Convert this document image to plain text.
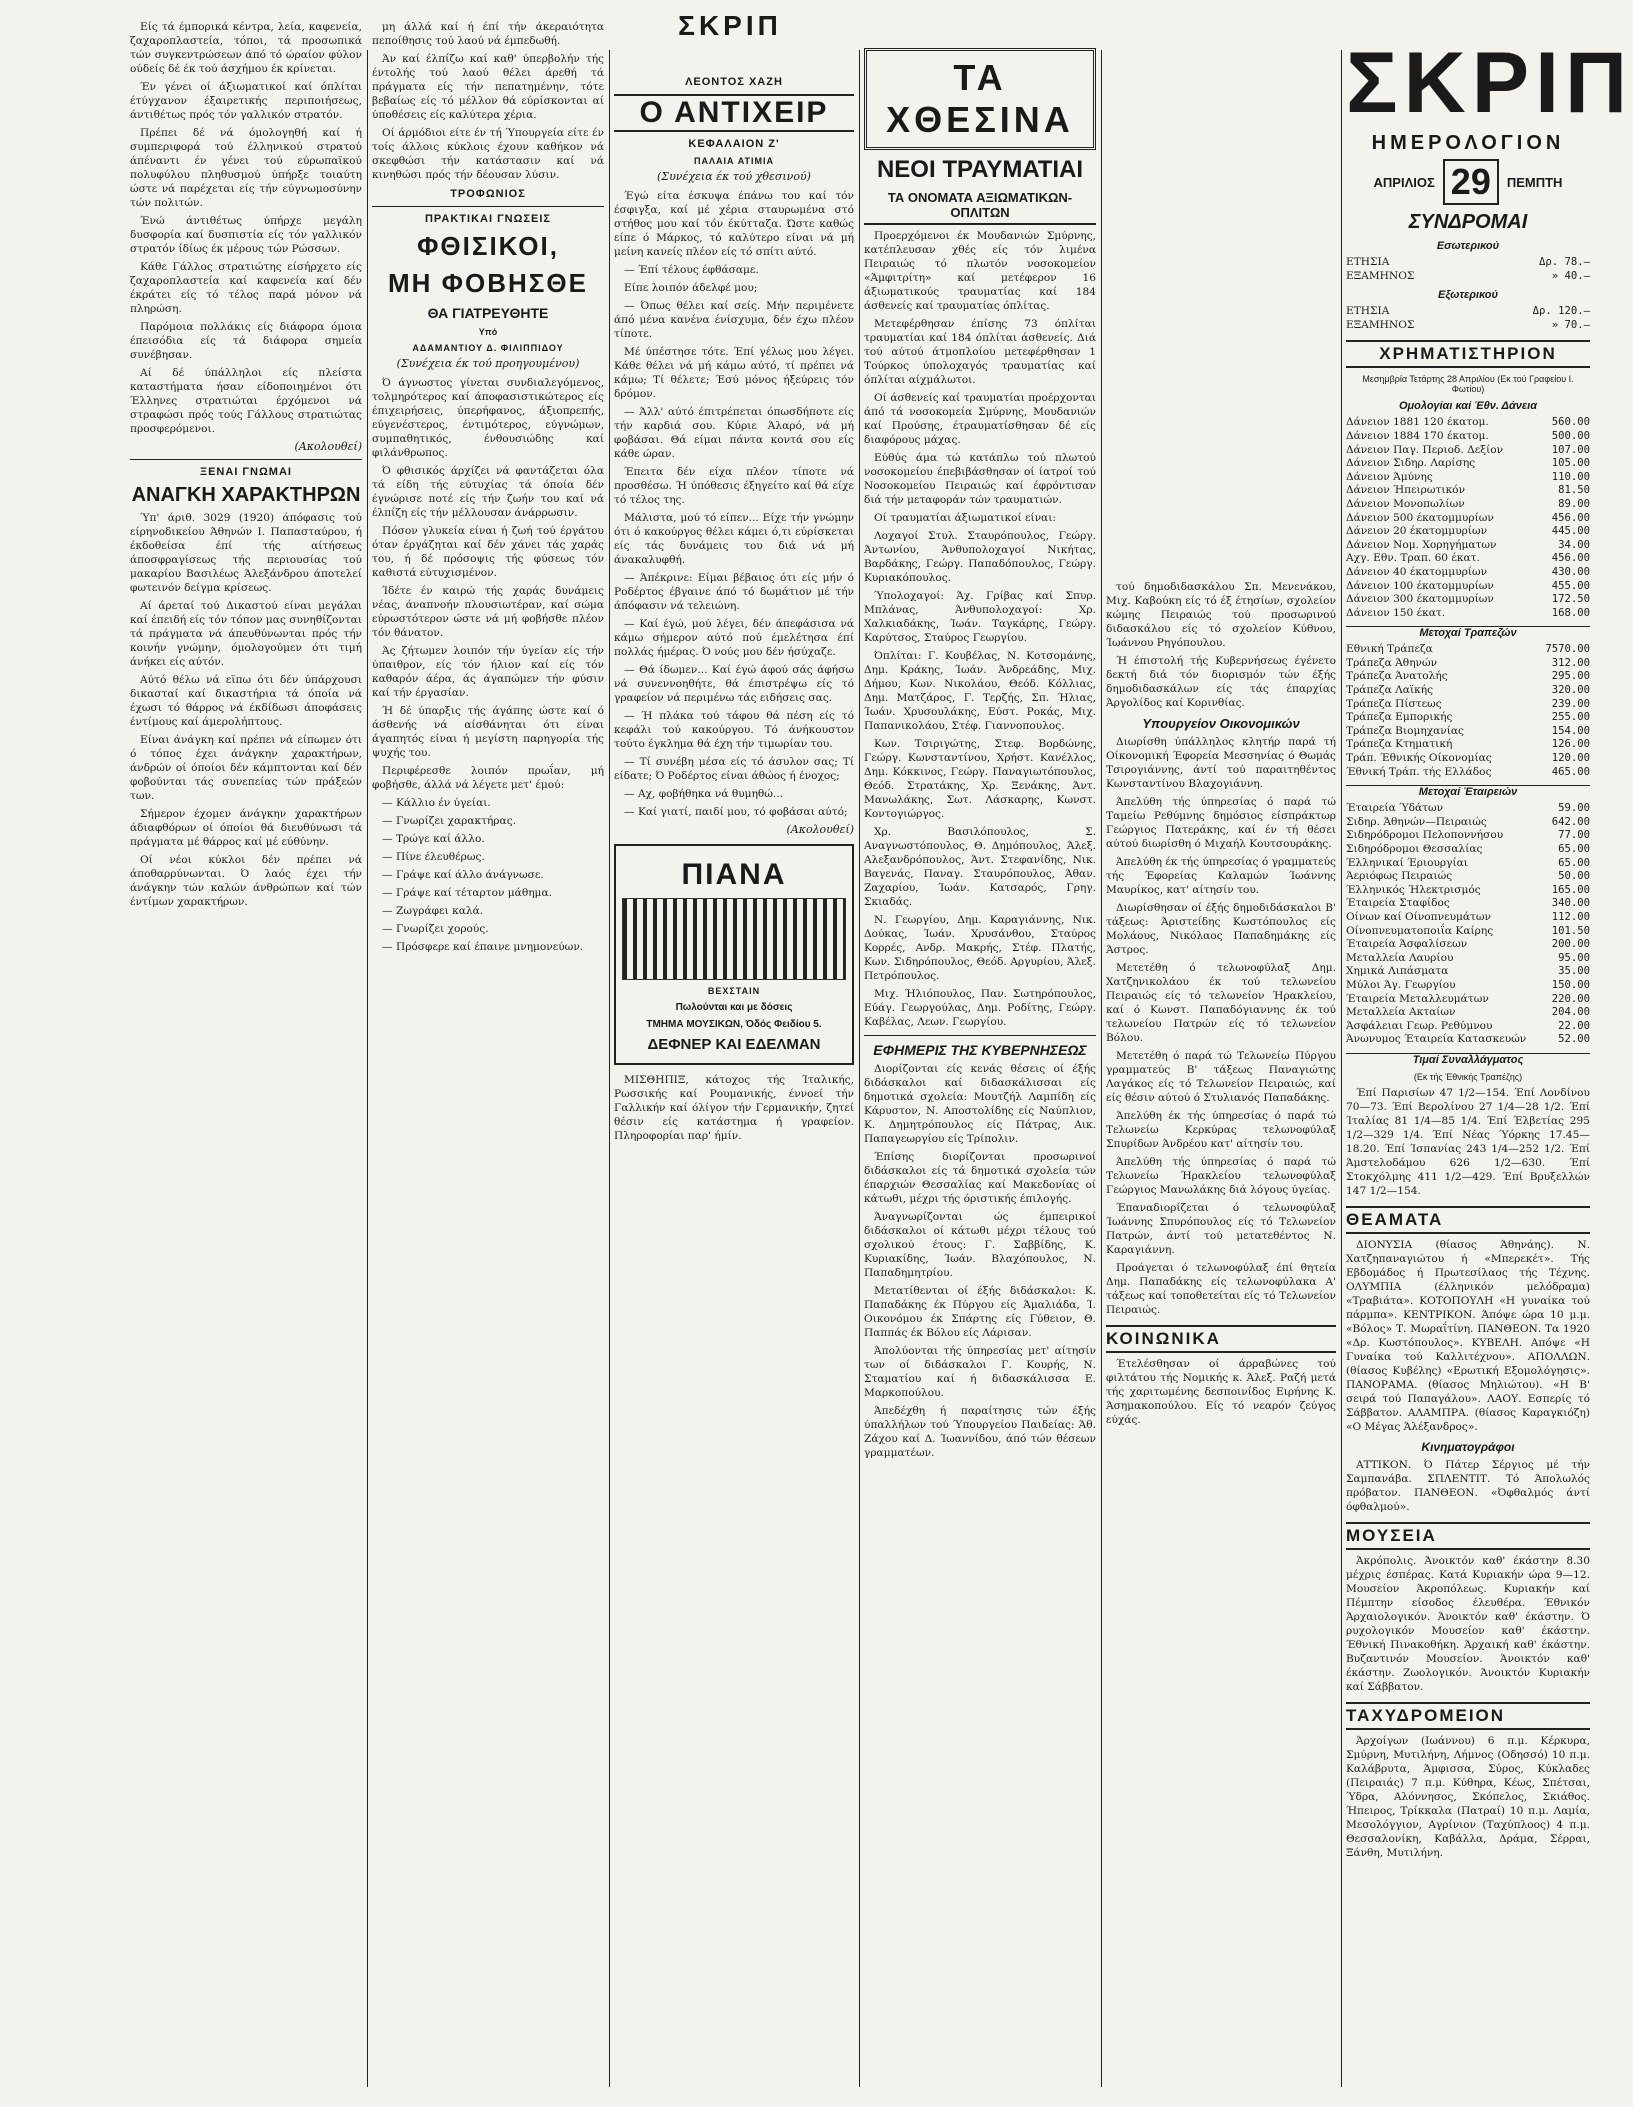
ΣΚΡΙΠ

Είς τά έμπορικά κέντρα, λεία, καφενεία, ζαχαροπλαστεία, τόποι, τά προσωπικά τών συγκεντρώσεων άπό τό ώραίον φύλον ούδείς δέ έκ τού άσχήμου έκ κρίνεται.

Έν γένει οί άξιωματικοί καί όπλίται έτύγχανον έξαιρετικής περιποιήσεως, άντιθέτως πρός τόν γαλλικόν στρατόν.

Πρέπει δέ νά όμολογηθή καί ή συμπεριφορά τού έλληνικού στρατού άπέναντι έν γένει τού εύρωπαϊκού πολυφύλου πληθυσμού ύπήρξε τοιαύτη ώστε νά παρέχεται είς τήν εύγνωμοσύνην τών πολιτών.

Ένώ άντιθέτως ύπήρχε μεγάλη δυσφορία καί δυσπιστία είς τόν γαλλικόν στρατόν ίδίως έκ μέρους τών Ρώσσων.

Κάθε Γάλλος στρατιώτης είσήρχετο είς ζαχαροπλαστεία καί καφενεία καί δέν έκράτει είς τό τέλος παρά μόνον νά πληρώση.

Παρόμοια πολλάκις είς διάφορα όμοια έπεισόδια είς τά διάφορα σημεία συνέβησαν.

Αί δέ ύπάλληλοι είς πλείστα καταστήματα ήσαν είδοποιημένοι ότι Έλληνες στρατιώται έρχόμενοι νά στραφώσι πρός τούς Γάλλους στρατιώτας προσφερόμενοι.

(Ακολουθεί)
ΞΕΝΑΙ ΓΝΩΜΑΙ
ΑΝΑΓΚΗ ΧΑΡΑΚΤΗΡΩΝ

Ύπ' άριθ. 3029 (1920) άπόφασις τού είρηνοδικείου Άθηνών Ι. Παπασταύρου, ή έκδοθείσα έπί τής αίτήσεως άποσφραγίσεως τής περιουσίας τού μακαρίου Βασιλέως Άλεξάνδρου άποτελεί φωτεινόν δείγμα κρίσεως.

Αί άρεταί τού Δικαστού είναι μεγάλαι καί έπειδή είς τόν τόπον μας συνηθίζονται τά πράγματα νά άπευθύνωνται πρός τήν κοινήν γνώμην, όμολογούμεν ότι τιμή άνήκει είς αύτόν.

Αύτό θέλω νά εϊπω ότι δέν ύπάρχουσι δικασταί καί δικαστήρια τά όποία νά έχωσι τό θάρρος νά έκδίδωσι άποφάσεις έντίμους καί άμερολήπτους.

Είναι άνάγκη καί πρέπει νά είπωμεν ότι ό τόπος έχει άνάγκην χαρακτήρων, άνδρών οί όποίοι δέν κάμπτονται καί δέν φοβούνται τάς συνεπείας τών πράξεών των.

Σήμερον έχομεν άνάγκην χαρακτήρων άδιαφθόρων οί όποίοι θά διευθύνωσι τά πράγματα μέ θάρρος καί μέ εύθύνην.

Οί νέοι κύκλοι δέν πρέπει νά άποθαρρύνωνται. Ό λαός έχει τήν άνάγκην τών καλών άνθρώπων καί τών έντίμων χαρακτήρων.

μη άλλά καί ή έπί τήν άκεραιότητα πεποίθησις τού λαού νά έμπεδωθή.

Άν καί έλπίζω καί καθ' ύπερβολήν τής έντολής τού λαού θέλει άρεθή τά πράγματα είς τήν πεπατημένην, τότε βεβαίως είς τό μέλλον θά εύρίσκονται αί ύποθέσεις είς καλύτερα χέρια.

Οί άρμόδιοι είτε έν τή Ύπουργεία είτε έν τοίς άλλοις κύκλοις έχουν καθήκον νά σκεφθώσι τήν κατάστασιν καί νά κινηθώσι πρός τήν δέουσαν λύσιν.

ΤΡΟΦΩΝΙΟΣ
ΠΡΑΚΤΙΚΑΙ ΓΝΩΣΕΙΣ
ΦΘΙΣΙΚΟΙ,
ΜΗ ΦΟΒΗΣΘΕ
ΘΑ ΓΙΑΤΡΕΥΘΗΤΕ
Υπό
ΑΔΑΜΑΝΤΙΟΥ Δ. ΦΙΛΙΠΠΙΔΟΥ
(Συνέχεια έκ τού προηγουμένου)

Ό άγνωστος γίνεται συνδιαλεγόμενος, τολμηρότερος καί άποφασιστικώτερος είς έπιχειρήσεις, ύπερήφανος, άξιοπρεπής, εύγενέστερος, έντιμότερος, εύγνώμων, συμπαθητικός, ένθουσιώδης καί φιλάνθρωπος.

Ό φθισικός άρχίζει νά φαντάζεται όλα τά είδη τής εύτυχίας τά όποία δέν έγνώρισε ποτέ είς τήν ζωήν του καί νά έλπίζη είς τήν μέλλουσαν άνάρρωσιν.

Πόσον γλυκεία είναι ή ζωή τού έργάτου όταν έργάζηται καί δέν χάνει τάς χαράς του, ή δέ πρόσοψις τής φύσεως τόν καθιστά εύτυχισμένον.

Ίδέτε έν καιρώ τής χαράς δυνάμεις νέας, άναπνοήν πλουσιωτέραν, καί σώμα εύρωστότερον ώστε νά μή φοβήσθε πλέον τόν θάνατον.

Άς ζήτωμεν λοιπόν τήν ύγείαν είς τήν ύπαιθρον, είς τόν ήλιον καί είς τόν καθαρόν άέρα, άς άγαπώμεν τήν φύσιν καί τήν έργασίαν.

Ή δέ ύπαρξις τής άγάπης ώστε καί ό άσθενής νά αίσθάνηται ότι είναι άγαπητός είναι ή μεγίστη παρηγορία τής ψυχής του.

Περιφέρεσθε λοιπόν πρωΐαν, μή φοβήσθε, άλλά νά λέγετε μετ' έμού:

— Κάλλιο έν ύγείαι.

— Γνωρίζει χαρακτήρας.

— Τρώγε καί άλλο.

— Πίνε έλευθέρως.

— Γράψε καί άλλο άνάγνωσε.

— Γράψε καί τέταρτον μάθημα.

— Ζωγράφει καλά.

— Γνωρίζει χορούς.

— Πρόσφερε καί έπαινε μνημονεύων.

ΛΕΟΝΤΟΣ ΧΑΖΗ
Ο ΑΝΤΙΧΕΙΡ
ΚΕΦΑΛΑΙΟΝ Ζ'
ΠΑΛΑΙΑ ΑΤΙΜΙΑ
(Συνέχεια έκ τού χθεσινού)

Έγώ είτα έσκυψα έπάνω του καί τόν έσφιγξα, καί μέ χέρια σταυρωμένα στό στήθος μου καί τόν έκύτταζα. Ώστε καθώς είπε ό Μάρκος, τό καλύτερο είναι νά μή μείνη κανείς πλέον είς τό σπίτι αύτό.

— Έπί τέλους έφθάσαμε.

Είπε λοιπόν άδελφέ μου;

— Όπως θέλει καί σείς. Μήν περιμένετε άπό μένα κανένα ένίσχυμα, δέν έχω πλέον τίποτε.

Μέ ύπέστησε τότε. Έπί γέλως μου λέγει. Κάθε θέλει νά μή κάμω αύτό, τί πρέπει νά κάμω; Τί θέλετε; Έσύ μόνος ήξεύρεις τόν δρόμον.

— Άλλ' αύτό έπιτρέπεται όπωσδήποτε είς τήν καρδιά σου. Κύριε Άλαρό, νά μή φοβάσαι. Θά είμαι πάντα κοντά σου είς κάθε ώραν.

Έπειτα δέν είχα πλέον τίποτε νά προσθέσω. Ή ύπόθεσις έξηγείτο καί θά είχε τό τέλος της.

Μάλιστα, μού τό είπεν... Είχε τήν γνώμην ότι ό κακούργος θέλει κάμει ό,τι εύρίσκεται είς τάς δυνάμεις του διά νά μή άνακαλυφθή.

— Άπέκρινε: Είμαι βέβαιος ότι είς μήν ό Ροδέρτος έβγαινε άπό τό δωμάτιον μέ τήν άπόφασιν νά τελειώνη.

— Καί έγώ, μού λέγει, δέν άπεφάσισα νά κάμω σήμερον αύτό πού έμελέτησα έπί πολλάς ήμέρας. Ό νούς μου δέν ήσύχαζε.

— Θά ίδωμεν... Καί έγώ άφού σάς άφήσω νά συνεννοηθήτε, θά έπιστρέψω είς τό γραφείον νά περιμένω τάς ειδήσεις σας.

— Ή πλάκα τού τάφου θά πέση είς τό κεφάλι τού κακούργου. Τό άνήκουστον τούτο έγκλημα θά έχη τήν τιμωρίαν του.

— Τί συνέβη μέσα είς τό άσυλον σας; Τί είδατε; Ό Ροδέρτος είναι άθώος ή ένοχος;

— Αχ, φοβήθηκα νά θυμηθώ...

— Καί γιατί, παιδί μου, τό φοβάσαι αύτό;

(Ακολουθεί)
ΠΙΑΝΑ
ΒΕΧΣΤΑΙΝ
Πωλούνται και με δόσεις
ΤΜΗΜΑ ΜΟΥΣΙΚΩΝ, Όδός Φειδίου 5.
ΔΕΦΝΕΡ ΚΑΙ ΕΔΕΛΜΑΝ

ΜΙΣΘΗΠΙΞ, κάτοχος τής Ίταλικής, Ρωσσικής καί Ρουμανικής, έννοεί τήν Γαλλικήν καί όλίγον τήν Γερμανικήν, ζητεί θέσιν είς κατάστημα ή γραφείον. Πληροφορίαι παρ' ήμίν.

ΤΑ ΧΘΕΣΙΝΑ
ΝΕΟΙ ΤΡΑΥΜΑΤΙΑΙ
ΤΑ ΟΝΟΜΑΤΑ ΑΞΙΩΜΑΤΙΚΩΝ-ΟΠΛΙΤΩΝ

Προερχόμενοι έκ Μουδανιών Σμύρνης, κατέπλευσαν χθές είς τόν λιμένα Πειραιώς τό πλωτόν νοσοκομείον «Άμφιτρίτη» καί μετέφερον 16 άξιωματικούς τραυματίας καί 184 άσθενείς καί τραυματίας όπλίτας.

Μετεφέρθησαν έπίσης 73 όπλίται τραυματίαι καί 184 όπλίται άσθενείς. Διά τού αύτού άτμοπλοίου μετεφέρθησαν 1 Τούρκος ύπολοχαγός τραυματίας καί όπλίται αίχμάλωτοι.

Οί άσθενείς καί τραυματίαι προέρχονται άπό τά νοσοκομεία Σμύρνης, Μουδανιών καί Προύσης, έτραυματίσθησαν δέ είς διαφόρους μάχας.

Εύθύς άμα τώ κατάπλω τού πλωτού νοσοκομείου έπεβιβάσθησαν οί ίατροί τού Νοσοκομείου Πειραιώς καί έφρόντισαν διά τήν μεταφοράν τών τραυματιών.

Οί τραυματίαι άξιωματικοί είναι:

Λοχαγοί Στυλ. Σταυρόπουλος, Γεώργ. Άντωνίου, Άνθυπολοχαγοί Νικήτας, Βαρδάκης, Γεώργ. Παπαδόπουλος, Γεώργ. Κυριακόπουλος.

Ύπολοχαγοί: Άχ. Γρίβας καί Σπυρ. Μπλάνας, Άνθυπολοχαγοί: Χρ. Χαλκιαδάκης, Ίωάν. Ταγκάρης, Γεώργ. Καρύτσος, Σταύρος Γεωργίου.

Όπλίται: Γ. Κουβέλας, Ν. Κοτσομάνης, Δημ. Κράκης, Ίωάν. Άνδρεάδης, Μιχ. Δήμου, Κων. Νικολάου, Θεόδ. Κόλλιας, Δημ. Ματζάρος, Γ. Τερζής, Σπ. Ήλιας, Ίωάν. Χρυσουλάκης, Εύστ. Ροκάς, Μιχ. Παπανικολάου, Στέφ. Γιαννοπουλος.

Κων. Τσιριγώτης, Στεφ. Βορδώνης, Γεώργ. Κωνσταντίνου, Χρήστ. Κανέλλος, Δημ. Κόκκινος, Γεώργ. Παναγιωτόπουλος, Θεόδ. Στρατάκης, Χρ. Ξενάκης, Άντ. Μανωλάκης, Σωτ. Λάσκαρης, Κωνστ. Κοντογιώργος.

Χρ. Βασιλόπουλος, Σ. Αναγνωστόπουλος, Θ. Δημόπουλος, Άλεξ. Αλεξανδρόπουλος, Άντ. Στεφανίδης, Νικ. Βαγενάς, Παναγ. Σταυρόπουλος, Άθαν. Ζαχαρίου, Ίωάν. Κατσαρός, Γρηγ. Σκιαδάς.

Ν. Γεωργίου, Δημ. Καραγιάννης, Νικ. Δούκας, Ίωάν. Χρυσάνθου, Σταύρος Κορρές, Ανδρ. Μακρής, Στέφ. Πλατής, Κων. Σιδηρόπουλος, Θεόδ. Αργυρίου, Άλεξ. Πετρόπουλος.

Μιχ. Ήλιόπουλος, Παν. Σωτηρόπουλος, Εύάγ. Γεωργούλας, Δημ. Ροδίτης, Γεώργ. Καβέλας, Λεων. Γεωργίου.

ΕΦΗΜΕΡΙΣ ΤΗΣ ΚΥΒΕΡΝΗΣΕΩΣ

Διορίζονται είς κενάς θέσεις οί έξής διδάσκαλοι καί διδασκάλισσαι είς δημοτικά σχολεία: Μουτζήλ Λαμπίδη είς Κάρυστον, Ν. Αποστολίδης είς Ναύπλιον, Κ. Δημητρόπουλος είς Πάτρας, Αικ. Παπαγεωργίου είς Τρίπολιν.

Έπίσης διορίζονται προσωρινοί διδάσκαλοι είς τά δημοτικά σχολεία τών έπαρχιών Θεσσαλίας καί Μακεδονίας οί κάτωθι, μέχρι τής όριστικής έπιλογής.

Άναγνωρίζονται ώς έμπειρικοί διδάσκαλοι οί κάτωθι μέχρι τέλους τού σχολικού έτους: Γ. Σαββίδης, Κ. Κυριακίδης, Ίωάν. Βλαχόπουλος, Ν. Παπαδημητρίου.

Μετατίθενται οί έξής διδάσκαλοι: Κ. Παπαδάκης έκ Πύργου είς Άμαλιάδα, Ί. Οικονόμου έκ Σπάρτης είς Γύθειον, Θ. Παππάς έκ Βόλου είς Λάρισαν.

Άπολύονται τής ύπηρεσίας μετ' αίτησίν των οί διδάσκαλοι Γ. Κουρής, Ν. Σταματίου καί ή διδασκάλισσα Ε. Μαρκοπούλου.

Άπεδέχθη ή παραίτησις τών έξής ύπαλλήλων τού Ύπουργείου Παιδείας: Άθ. Ζάχου καί Δ. Ίωαννίδου, άπό τών θέσεων γραμματέων.

τού δημοδιδασκάλου Σπ. Μενενάκου, Μιχ. Καβούκη είς τό έξ έτησίων, σχολείον κώμης Πειραιώς τού προσωρινού διδασκάλου είς τό σχολείον Κύθνου, Ίωάννου Ρηγόπουλου.

Ή έπιστολή τής Κυβερνήσεως έγένετο δεκτή διά τόν διορισμόν τών έξής δημοδιδασκάλων είς τάς έπαρχίας Άργολίδος καί Κορινθίας.

Υπουργείον Οικονομικών

Διωρίσθη ύπάλληλος κλητήρ παρά τή Οίκονομική Έφορεία Μεσσηνίας ό Θωμάς Τσιρογιάννης, άντί τού παραιτηθέντος Κωνσταντίνου Βλαχογιάννη.

Άπελύθη τής ύπηρεσίας ό παρά τώ Ταμείω Ρεθύμνης δημόσιος είσπράκτωρ Γεώργιος Πατεράκης, καί έν τή θέσει αύτού διωρίσθη ό Μιχαήλ Κουτσουράκης.

Άπελύθη έκ τής ύπηρεσίας ό γραμματεύς τής Έφορείας Καλαμών Ίωάννης Μαυρίκος, κατ' αίτησίν του.

Διωρίσθησαν οί έξής δημοδιδάσκαλοι Β' τάξεως: Άριστείδης Κωστόπουλος είς Μολάους, Νικόλαος Παπαδημάκης είς Άστρος.

Μετετέθη ό τελωνοφύλαξ Δημ. Χατζηνικολάου έκ τού τελωνείου Πειραιώς είς τό τελωνείον Ήρακλείου, καί ό Κωνστ. Παπαδόγιαννης έκ τού τελωνείου Πατρών είς τό τελωνείον Βόλου.

Μετετέθη ό παρά τώ Τελωνείω Πύργου γραμματεύς Β' τάξεως Παναγιώτης Λαγάκος είς τό Τελωνείον Πειραιώς, καί είς θέσιν αύτού ό Στυλιανός Παπαδάκης.

Άπελύθη έκ τής ύπηρεσίας ό παρά τώ Τελωνείω Κερκύρας τελωνοφύλαξ Σπυρίδων Άνδρέου κατ' αίτησίν του.

Άπελύθη τής ύπηρεσίας ό παρά τώ Τελωνείω Ήρακλείου τελωνοφύλαξ Γεώργιος Μανωλάκης διά λόγους ύγείας.

Έπαναδιορίζεται ό τελωνοφύλαξ Ίωάννης Σπυρόπουλος είς τό Τελωνείον Πατρών, άντί τού μετατεθέντος Ν. Καραγιάννη.

Προάγεται ό τελωνοφύλαξ έπί θητεία Δημ. Παπαδάκης είς τελωνοφύλακα Α' τάξεως καί τοποθετείται είς τό Τελωνείον Πειραιώς.

ΚΟΙΝΩΝΙΚΑ

Έτελέσθησαν οί άρραβώνες τού φιλτάτου τής Νομικής κ. Άλεξ. Ραζή μετά τής χαριτωμένης δεσποινίδος Ειρήνης Κ. Άσημακοπούλου. Είς τό νεαρόν ζεύγος εύχάς.

ΣΚΡΙΠ
ΗΜΕΡΟΛΟΓΙΟΝ
ΑΠΡΙΛΙΟΣ 29	ΠΕΜΠΤΗ
ΣΥΝΔΡΟΜΑΙ
Εσωτερικού
ΕΤΗΣΙΑ	Δρ. 78.—
ΕΞΑΜΗΝΟΣ	» 40.—
Εξωτερικού
ΕΤΗΣΙΑ	Δρ. 120.—
ΕΞΑΜΗΝΟΣ	» 70.—
ΧΡΗΜΑΤΙΣΤΗΡΙΟΝ
Μεσημβρία Τετάρτης 28 Απριλίου (Εκ τού Γραφείου Ι. Φωτίου)
Ομολογίαι καί Έθν. Δάνεια
Δάνειον 1881 120 έκατομ.	560.00
Δάνειον 1884 170 έκατομ.	500.00
Δάνειον Παγ. Περιοδ. Δεξίον	107.00
Δάνειον Σιδηρ. Λαρίσης	105.00
Δάνειον Άμύνης	110.00
Δάνειον Ήπειρωτικόν	81.50
Δάνειον Μονοπωλίων	89.00
Δάνειον 500 έκατομμυρίων	456.00
Δάνειον 20 έκατομμυρίων	445.00
Δάνειον Νομ. Χορηγήματων	34.00
Αχγ. Εθν. Τραπ. 60 έκατ.	456.00
Δάνειον 40 έκατομμυρίων	430.00
Δάνειον 100 έκατομμυρίων	455.00
Δάνειον 300 έκατομμυρίων	172.50
Δάνειον 150 έκατ.	168.00
Μετοχαί Τραπεζών
Εθνική Τράπεζα	7570.00
Τράπεζα Άθηνών	312.00
Τράπεζα Άνατολής	295.00
Τράπεζα Λαϊκής	320.00
Τράπεζα Πίστεως	239.00
Τράπεζα Εμπορικής	255.00
Τράπεζα Βιομηχανίας	154.00
Τράπεζα Κτηματική	126.00
Τράπ. Έθνικής Οίκονομίας	120.00
Έθνική Τράπ. τής Ελλάδος	465.00
Μετοχαί Έταιρειών
Έταιρεία Ύδάτων	59.00
Σιδηρ. Άθηνών—Πειραιώς	642.00
Σιδηρόδρομοι Πελοποννήσου	77.00
Σιδηρόδρομοι Θεσσαλίας	65.00
Έλληνικαί Έριουργίαι	65.00
Άεριόφως Πειραιώς	50.00
Έλληνικός Ήλεκτρισμός	165.00
Έταιρεία Σταφίδος	340.00
Οίνων καί Οίνοπνευμάτων	112.00
Οίνοπνευματοποιΐα Καίρης	101.50
Έταιρεία Άσφαλίσεων	200.00
Μεταλλεία Λαυρίου	95.00
Χημικά Λιπάσματα	35.00
Μύλοι Άγ. Γεωργίου	150.00
Έταιρεία Μεταλλευμάτων	220.00
Μεταλλεία Ακταίων	204.00
Άσφάλειαι Γεωρ. Ρεθύμνου	22.00
Άνωνυμος Έταιρεία Κατασκευών	52.00
Τιμαί Συναλλάγματος
(Εκ τής Έθνικής Τραπέζης)

Έπί Παρισίων 47 1/2—154. Έπί Λονδίνου 70—73. Έπί Βερολίνου 27 1/4—28 1/2. Έπί Ίταλίας 81 1/4—85 1/4. Έπί Έλβετίας 295 1/2—329 1/4. Έπί Νέας Ύόρκης 17.45—18.20. Έπί Ίσπανίας 243 1/4—252 1/2. Έπί Άμστελοδάμου 626 1/2—630. Έπί Στοκχόλμης 411 1/2—429. Έπί Βρυξελλών 147 1/2—154.

ΘΕΑΜΑΤΑ

ΔΙΟΝΥΣΙΑ (θίασος Άθηνάης). Ν. Χατζηπαναγιώτου ή «Μπερεκέτ». Τής Εβδομάδος ή Πρωτεσίλαος τής Τέχνης. ΟΛΥΜΠΙΑ (έλληνικόν μελόδραμα) «Τραβιάτα». ΚΟΤΟΠΟΥΛΗ «Η γυναίκα τού πάρμπα». ΚΕΝΤΡΙΚΟΝ. Άπόψε ώρα 10 μ.μ. «Βόλος» Τ. Μωραΐτίνη. ΠΑΝΘΕΟΝ. Τα 1920 «Δρ. Κωστόπουλος». ΚΥΒΕΛΗ. Απόψε «Η Γυναίκα τού Καλλιτέχνου». ΑΠΟΛΛΩΝ. (θίασος Κυβέλης) «Ερωτική Εξομολόγησις». ΠΑΝΟΡΑΜΑ. (θίασος Μηλιώτου). «Η Β' σειρά τού Παπαγάλου». ΛΑΟΥ. Εσπερίς τό Σάββατον. ΑΛΑΜΠΡΑ. (θίασος Καραγκιόζη) «Ο Μέγας Άλέξανδρος».

Κινηματογράφοι

ΑΤΤΙΚΟΝ. Ό Πάτερ Σέργιος μέ τήν Σαμπανάβα. ΣΠΛΕΝΤΙΤ. Τό Άπολωλός πρόβατον. ΠΑΝΘΕΟΝ. «Όφθαλμός άντί όφθαλμού».

ΜΟΥΣΕΙΑ

Άκρόπολις. Άνοικτόν καθ' έκάστην 8.30 μέχρις έσπέρας. Κατά Κυριακήν ώρα 9—12. Μουσείον Άκροπόλεως. Κυριακήν καί Πέμπτην είσοδος έλευθέρα. Έθνικόν Άρχαιολογικόν. Άνοικτόν καθ' έκάστην. Ό ρυχολογικόν Μουσείον καθ' έκάστην. Έθνική Πινακοθήκη. Άρχαική καθ' έκάστην. Βυζαντινόν Μουσείον. Άνοικτόν καθ' έκάστην. Ζωολογικόν. Άνοικτόν Κυριακήν καί Σάββατον.

ΤΑΧΥΔΡΟΜΕΙΟΝ

Άρχοίγων (Ιωάννου) 6 π.μ. Κέρκυρα, Σμύρνη, Μυτιλήνη, Λήμνος (Οδησσό) 10 π.μ. Καλάβρυτα, Άμφισσα, Σύρος, Κύκλαδες (Πειραιάς) 7 π.μ. Κύθηρα, Κέως, Σπέτσαι, Ύδρα, Αλόννησος, Σκόπελος, Σκιάθος. Ήπειρος, Τρίκκαλα (Πατραί) 10 π.μ. Λαμία, Μεσολόγγιον, Αγρίνιον (Ταχύπλοος) 4 π.μ. Θεσσαλονίκη, Καβάλλα, Δράμα, Σέρραι, Ξάνθη, Μυτιλήνη.
